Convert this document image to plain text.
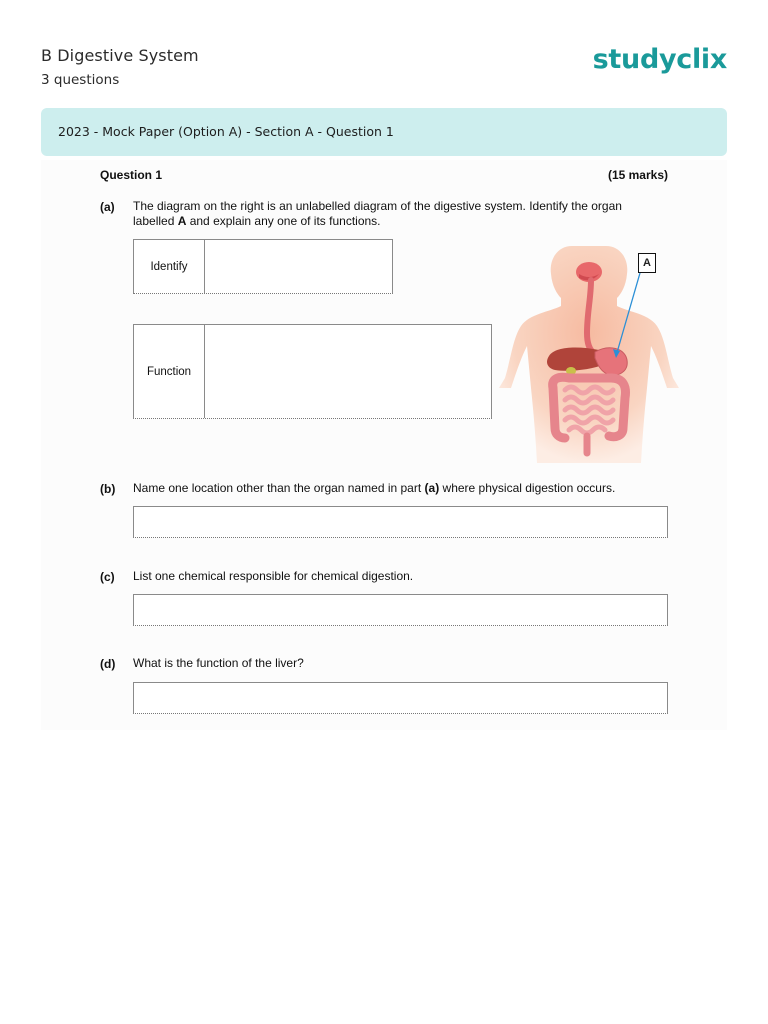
B Digestive System
3 questions
studyclix
2023 - Mock Paper (Option A) - Section A - Question 1
Question 1	(15 marks)
(a) The diagram on the right is an unlabelled diagram of the digestive system. Identify the organ
labelled A and explain any one of its functions.
Identify
Function
A
(b) Name one location other than the organ named in part (a) where physical digestion occurs.
(c) List one chemical responsible for chemical digestion.
(d) What is the function of the liver?
